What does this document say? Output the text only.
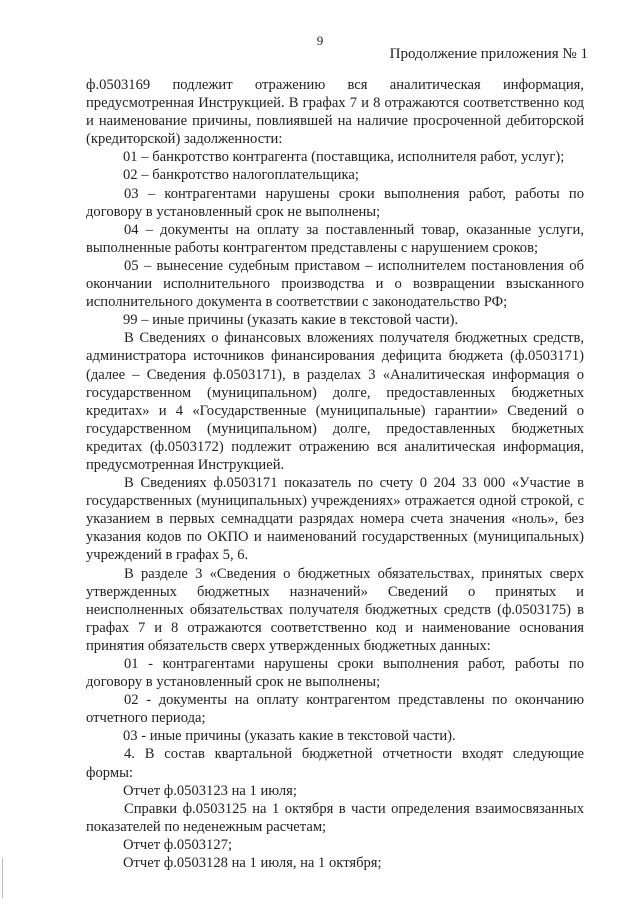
9
Продолжение приложения № 1

ф.0503169 подлежит отражению вся аналитическая информация, предусмотренная Инструкцией. В графах 7 и 8 отражаются соответственно код и наименование причины, повлиявшей на наличие просроченной дебиторской (кредиторской) задолженности:

01 – банкротство контрагента (поставщика, исполнителя работ, услуг);

02 – банкротство налогоплательщика;

03 – контрагентами нарушены сроки выполнения работ, работы по договору в установленный срок не выполнены;

04 – документы на оплату за поставленный товар, оказанные услуги, выполненные работы контрагентом представлены с нарушением сроков;

05 – вынесение судебным приставом – исполнителем постановления об окончании исполнительного производства и о возвращении взысканного исполнительного документа в соответствии с законодательство РФ;

99 – иные причины (указать какие в текстовой части).

В Сведениях о финансовых вложениях получателя бюджетных средств, администратора источников финансирования дефицита бюджета (ф.0503171) (далее – Сведения ф.0503171), в разделах 3 «Аналитическая информация о государственном (муниципальном) долге, предоставленных бюджетных кредитах» и 4 «Государственные (муниципальные) гарантии» Сведений о государственном (муниципальном) долге, предоставленных бюджетных кредитах (ф.0503172) подлежит отражению вся аналитическая информация, предусмотренная Инструкцией.

В Сведениях ф.0503171 показатель по счету 0 204 33 000 «Участие в государственных (муниципальных) учреждениях» отражается одной строкой, с указанием в первых семнадцати разрядах номера счета значения «ноль», без указания кодов по ОКПО и наименований государственных (муниципальных) учреждений в графах 5, 6.

В разделе 3 «Сведения о бюджетных обязательствах, принятых сверх утвержденных бюджетных назначений» Сведений о принятых и неисполненных обязательствах получателя бюджетных средств (ф.0503175) в графах 7 и 8 отражаются соответственно код и наименование основания принятия обязательств сверх утвержденных бюджетных данных:

01 - контрагентами нарушены сроки выполнения работ, работы по договору в установленный срок не выполнены;

02 - документы на оплату контрагентом представлены по окончанию отчетного периода;

03 - иные причины (указать какие в текстовой части).

4. В состав квартальной бюджетной отчетности входят следующие формы:

Отчет ф.0503123 на 1 июля;

Справки ф.0503125 на 1 октября в части определения взаимосвязанных показателей по неденежным расчетам;

Отчет ф.0503127;

Отчет ф.0503128 на 1 июля, на 1 октября;
